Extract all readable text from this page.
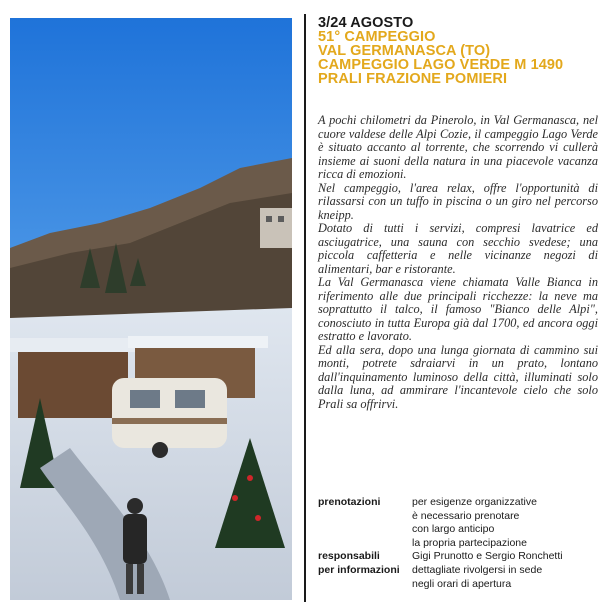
3/24 AGOSTO
51° CAMPEGGIO
VAL GERMANASCA (TO)
CAMPEGGIO LAGO VERDE M 1490
PRALI FRAZIONE POMIERI

A pochi chilometri da Pinerolo, in Val Germanasca, nel cuore valdese delle Alpi Cozie, il campeggio Lago Verde è situato accanto al torrente, che scorrendo vi cullerà insieme ai suoni della natura in una piacevole vacanza ricca di emozioni.

Nel campeggio, l'area relax, offre l'opportunità di rilassarsi con un tuffo in piscina o un giro nel percorso kneipp.

Dotato di tutti i servizi, compresi lavatrice ed asciugatrice, una sauna con secchio svedese; una piccola caffetteria e nelle vicinanze negozi di alimentari, bar e ristorante.

La Val Germanasca viene chiamata Valle Bianca in riferimento alle due principali ricchezze: la neve ma soprattutto il talco, il famoso "Bianco delle Alpi", conosciuto in tutta Europa già dal 1700, ed ancora oggi estratto e lavorato.

Ed alla sera, dopo una lunga giornata di cammino sui monti, potrete sdraiarvi in un prato, lontano dall'inquinamento luminoso della città, illuminati solo dalla luna, ad ammirare l'incantevole cielo che solo Prali sa offrirvi.

prenotazioni	per esigenze organizzative
è necessario prenotare
con largo anticipo
la propria partecipazione
responsabili	Gigi Prunotto e Sergio Ronchetti
per informazioni	dettagliate rivolgersi in sede
negli orari di apertura
